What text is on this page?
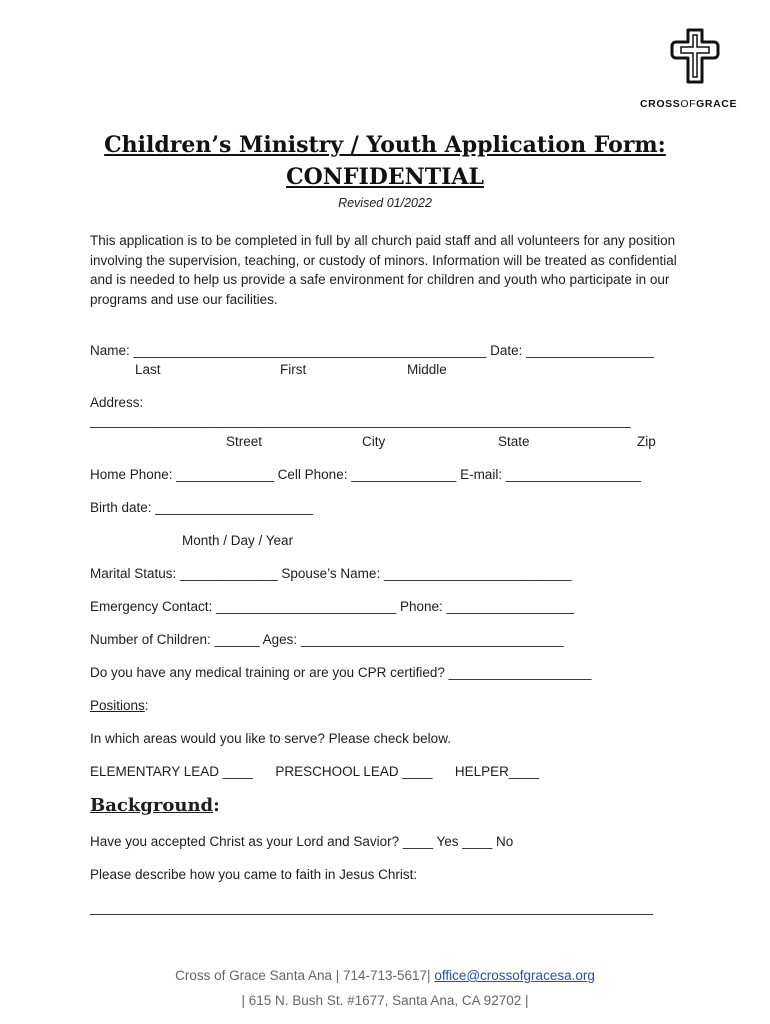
CROSSOFGRACE
Children’s Ministry / Youth Application Form:
CONFIDENTIAL
Revised 01/2022
This application is to be completed in full by all church paid staff and all volunteers for any position involving the supervision, teaching, or custody of minors. Information will be treated as confidential and is needed to help us provide a safe environment for children and youth who participate in our programs and use our facilities.
Name: _______________________________________________ Date: _________________
Last	First	Middle
Address:
________________________________________________________________________
Street	City	State	Zip
Home Phone: _____________ Cell Phone: ______________ E-mail: __________________
Birth date: _____________________
Month / Day / Year
Marital Status: _____________ Spouse’s Name: _________________________
Emergency Contact: ________________________ Phone: _________________
Number of Children: ______ Ages: ___________________________________
Do you have any medical training or are you CPR certified? ___________________
Positions:
In which areas would you like to serve? Please check below.
ELEMENTARY LEAD ____      PRESCHOOL LEAD ____      HELPER____
Background:
Have you accepted Christ as your Lord and Savior? ____ Yes ____ No
Please describe how you came to faith in Jesus Christ:
___________________________________________________________________________
Cross of Grace Santa Ana | 714-713-5617| office@crossofgracesa.org
| 615 N. Bush St. #1677, Santa Ana, CA 92702 |
